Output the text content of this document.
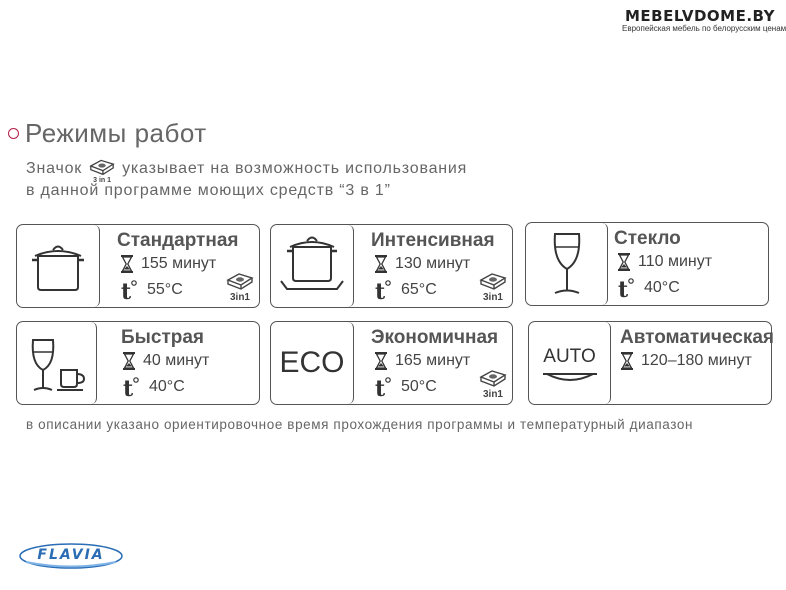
MEBELVDOME.BY
Европейская мебель по белорусским ценам
Режимы работ
Значок
3 in 1
указывает на возможность использования
в данной программе моющих средств “3 в 1”
Стандартная
155 минут
55°C	3in1
Интенсивная
130 минут
65°C	3in1
Стекло
110 минут
40°C
Быстрая
40 минут
40°C
ECO
Экономичная
165 минут
50°C	3in1
AUTO
Автоматическая
120–180 минут
в описании указано ориентировочное время прохождения программы и температурный диапазон
FLAVIA
